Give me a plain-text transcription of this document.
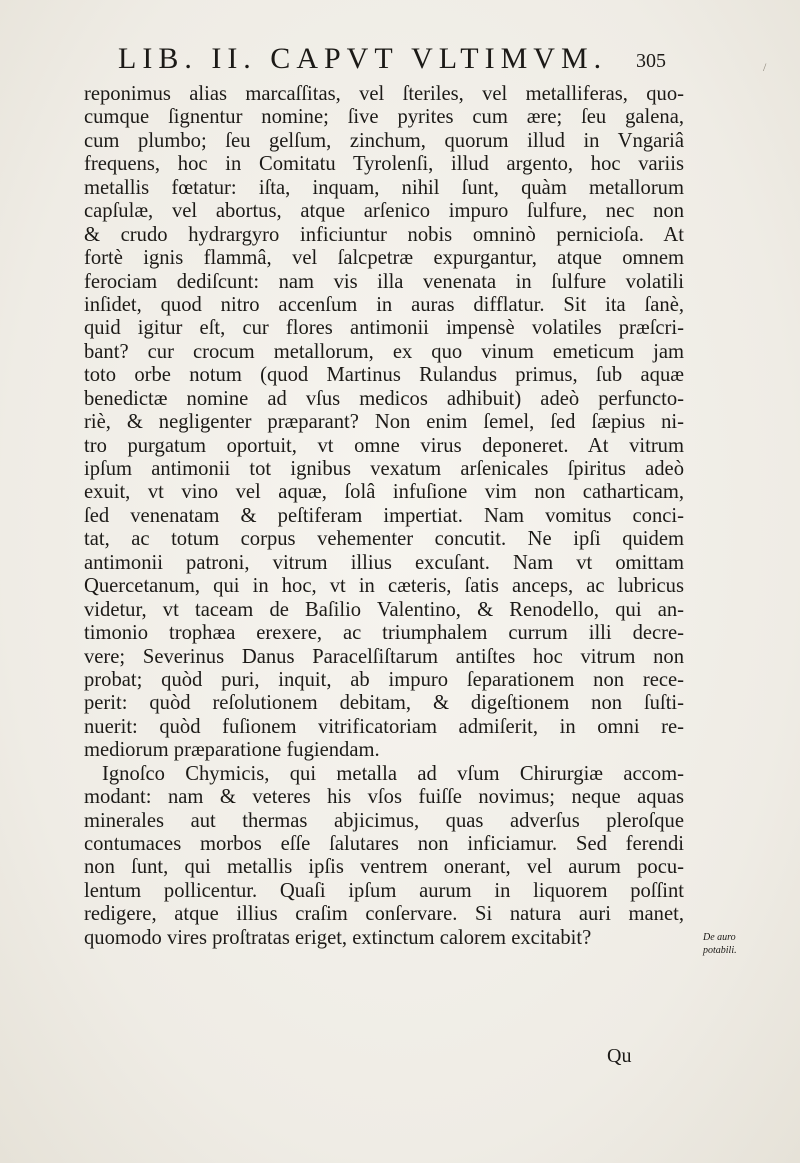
/
LIB. II. CAPVT VLTIMVM. 305
reponimus alias marcaſſitas, vel ſteriles, vel metalliferas, quo-
cumque ſignentur nomine; ſive pyrites cum ære; ſeu galena,
cum plumbo; ſeu gelſum, zinchum, quorum illud in Vngariâ
frequens, hoc in Comitatu Tyrolenſi, illud argento, hoc variis
metallis fœtatur: iſta, inquam, nihil ſunt, quàm metallorum
capſulæ, vel abortus, atque arſenico impuro ſulfure, nec non
& crudo hydrargyro inficiuntur nobis omninò pernicioſa. At
fortè ignis flammâ, vel ſalcpetræ expurgantur, atque omnem
ferociam dediſcunt: nam vis illa venenata in ſulfure volatili
inſidet, quod nitro accenſum in auras difflatur. Sit ita ſanè,
quid igitur eſt, cur flores antimonii impensè volatiles præſcri-
bant? cur crocum metallorum, ex quo vinum emeticum jam
toto orbe notum (quod Martinus Rulandus primus, ſub aquæ
benedictæ nomine ad vſus medicos adhibuit) adeò perfuncto-
riè, & negligenter præparant? Non enim ſemel, ſed ſæpius ni-
tro purgatum oportuit, vt omne virus deponeret. At vitrum
ipſum antimonii tot ignibus vexatum arſenicales ſpiritus adeò
exuit, vt vino vel aquæ, ſolâ infuſione vim non catharticam,
ſed venenatam & peſtiferam impertiat. Nam vomitus conci-
tat, ac totum corpus vehementer concutit. Ne ipſi quidem
antimonii patroni, vitrum illius excuſant. Nam vt omittam
Quercetanum, qui in hoc, vt in cæteris, ſatis anceps, ac lubricus
videtur, vt taceam de Baſilio Valentino, & Renodello, qui an-
timonio trophæa erexere, ac triumphalem currum illi decre-
vere; Severinus Danus Paracelſiſtarum antiſtes hoc vitrum non
probat; quòd puri, inquit, ab impuro ſeparationem non rece-
perit: quòd reſolutionem debitam, & digeſtionem non ſuſti-
nuerit: quòd fuſionem vitrificatoriam admiſerit, in omni re-
mediorum præparatione fugiendam.
Ignoſco Chymicis, qui metalla ad vſum Chirurgiæ accom-
modant: nam & veteres his vſos fuiſſe novimus; neque aquas
minerales aut thermas abjicimus, quas adverſus pleroſque
contumaces morbos eſſe ſalutares non inficiamur. Sed ferendi
non ſunt, qui metallis ipſis ventrem onerant, vel aurum pocu-
lentum pollicentur. Quaſi ipſum aurum in liquorem poſſint
redigere, atque illius craſim conſervare. Si natura auri manet,
quomodo vires proſtratas eriget, extinctum calorem excitabit?	De auro potabili.
Qu
